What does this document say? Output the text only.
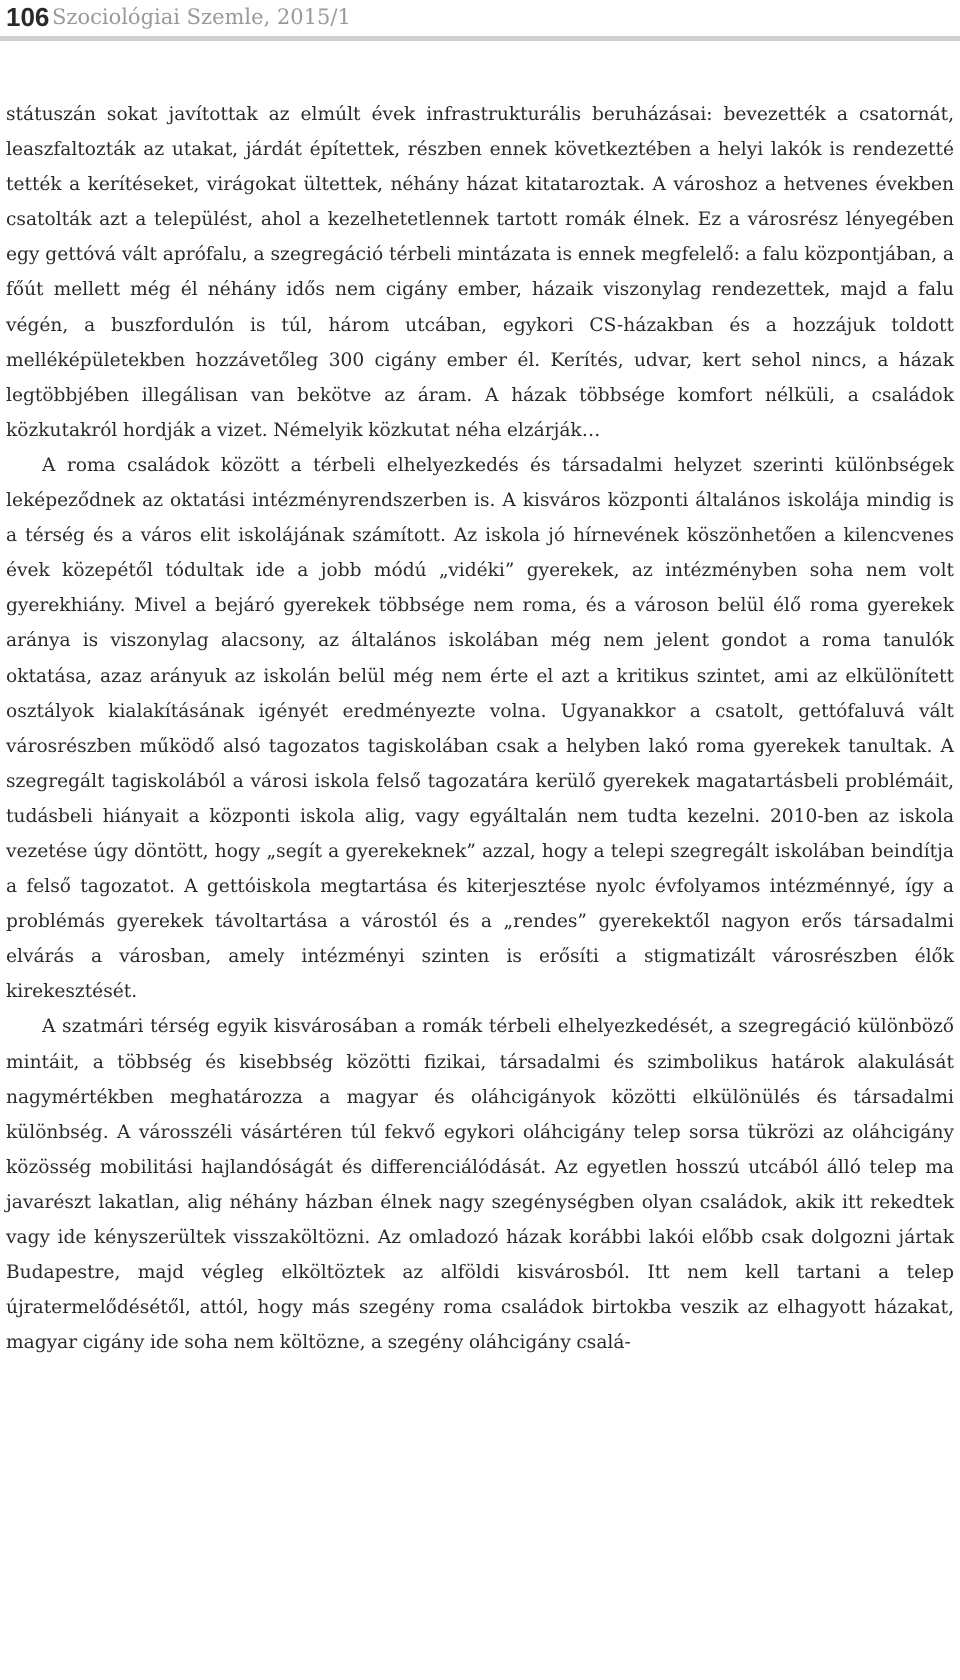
106 Szociológiai Szemle, 2015/1

státuszán sokat javítottak az elmúlt évek infrastrukturális beruházásai: bevezették a csatornát, leaszfaltozták az utakat, járdát építettek, részben ennek következtében a helyi lakók is rendezetté tették a kerítéseket, virágokat ültettek, néhány házat kitataroztak. A városhoz a hetvenes években csatolták azt a települést, ahol a kezelhetetlennek tartott romák élnek. Ez a városrész lényegében egy gettóvá vált aprófalu, a szegregáció térbeli mintázata is ennek megfelelő: a falu központjában, a főút mellett még él néhány idős nem cigány ember, házaik viszonylag rendezettek, majd a falu végén, a buszfordulón is túl, három utcában, egykori CS-házakban és a hozzájuk toldott melléképületekben hozzávetőleg 300 cigány ember él. Kerítés, udvar, kert sehol nincs, a házak legtöbbjében illegálisan van bekötve az áram. A házak többsége komfort nélküli, a családok közkutakról hordják a vizet. Némelyik közkutat néha elzárják…

A roma családok között a térbeli elhelyezkedés és társadalmi helyzet szerinti különbségek leképeződnek az oktatási intézményrendszerben is. A kisváros központi általános iskolája mindig is a térség és a város elit iskolájának számított. Az iskola jó hírnevének köszönhetően a kilencvenes évek közepétől tódultak ide a jobb módú „vidéki” gyerekek, az intézményben soha nem volt gyerekhiány. Mivel a bejáró gyerekek többsége nem roma, és a városon belül élő roma gyerekek aránya is viszonylag alacsony, az általános iskolában még nem jelent gondot a roma tanulók oktatása, azaz arányuk az iskolán belül még nem érte el azt a kritikus szintet, ami az elkülönített osztályok kialakításának igényét eredményezte volna. Ugyanakkor a csatolt, gettófaluvá vált városrészben működő alsó tagozatos tagiskolában csak a helyben lakó roma gyerekek tanultak. A szegregált tagiskolából a városi iskola felső tagozatára kerülő gyerekek magatartásbeli problémáit, tudásbeli hiányait a központi iskola alig, vagy egyáltalán nem tudta kezelni. 2010-ben az iskola vezetése úgy döntött, hogy „segít a gyerekeknek” azzal, hogy a telepi szegregált iskolában beindítja a felső tagozatot. A gettóiskola megtartása és kiterjesztése nyolc évfolyamos intézménnyé, így a problémás gyerekek távoltartása a várostól és a „rendes” gyerekektől nagyon erős társadalmi elvárás a városban, amely intézményi szinten is erősíti a stigmatizált városrészben élők kirekesztését.

A szatmári térség egyik kisvárosában a romák térbeli elhelyezkedését, a szegregáció különböző mintáit, a többség és kisebbség közötti fizikai, társadalmi és szimbolikus határok alakulását nagymértékben meghatározza a magyar és oláhcigányok közötti elkülönülés és társadalmi különbség. A városszéli vásártéren túl fekvő egykori oláhcigány telep sorsa tükrözi az oláhcigány közösség mobilitási hajlandóságát és differenciálódását. Az egyetlen hosszú utcából álló telep ma javarészt lakatlan, alig néhány házban élnek nagy szegénységben olyan családok, akik itt rekedtek vagy ide kényszerültek visszaköltözni. Az omladozó házak korábbi lakói előbb csak dolgozni jártak Budapestre, majd végleg elköltöztek az alföldi kisvárosból. Itt nem kell tartani a telep újratermelődésétől, attól, hogy más szegény roma családok birtokba veszik az elhagyott házakat, magyar cigány ide soha nem költözne, a szegény oláhcigány csalá-
